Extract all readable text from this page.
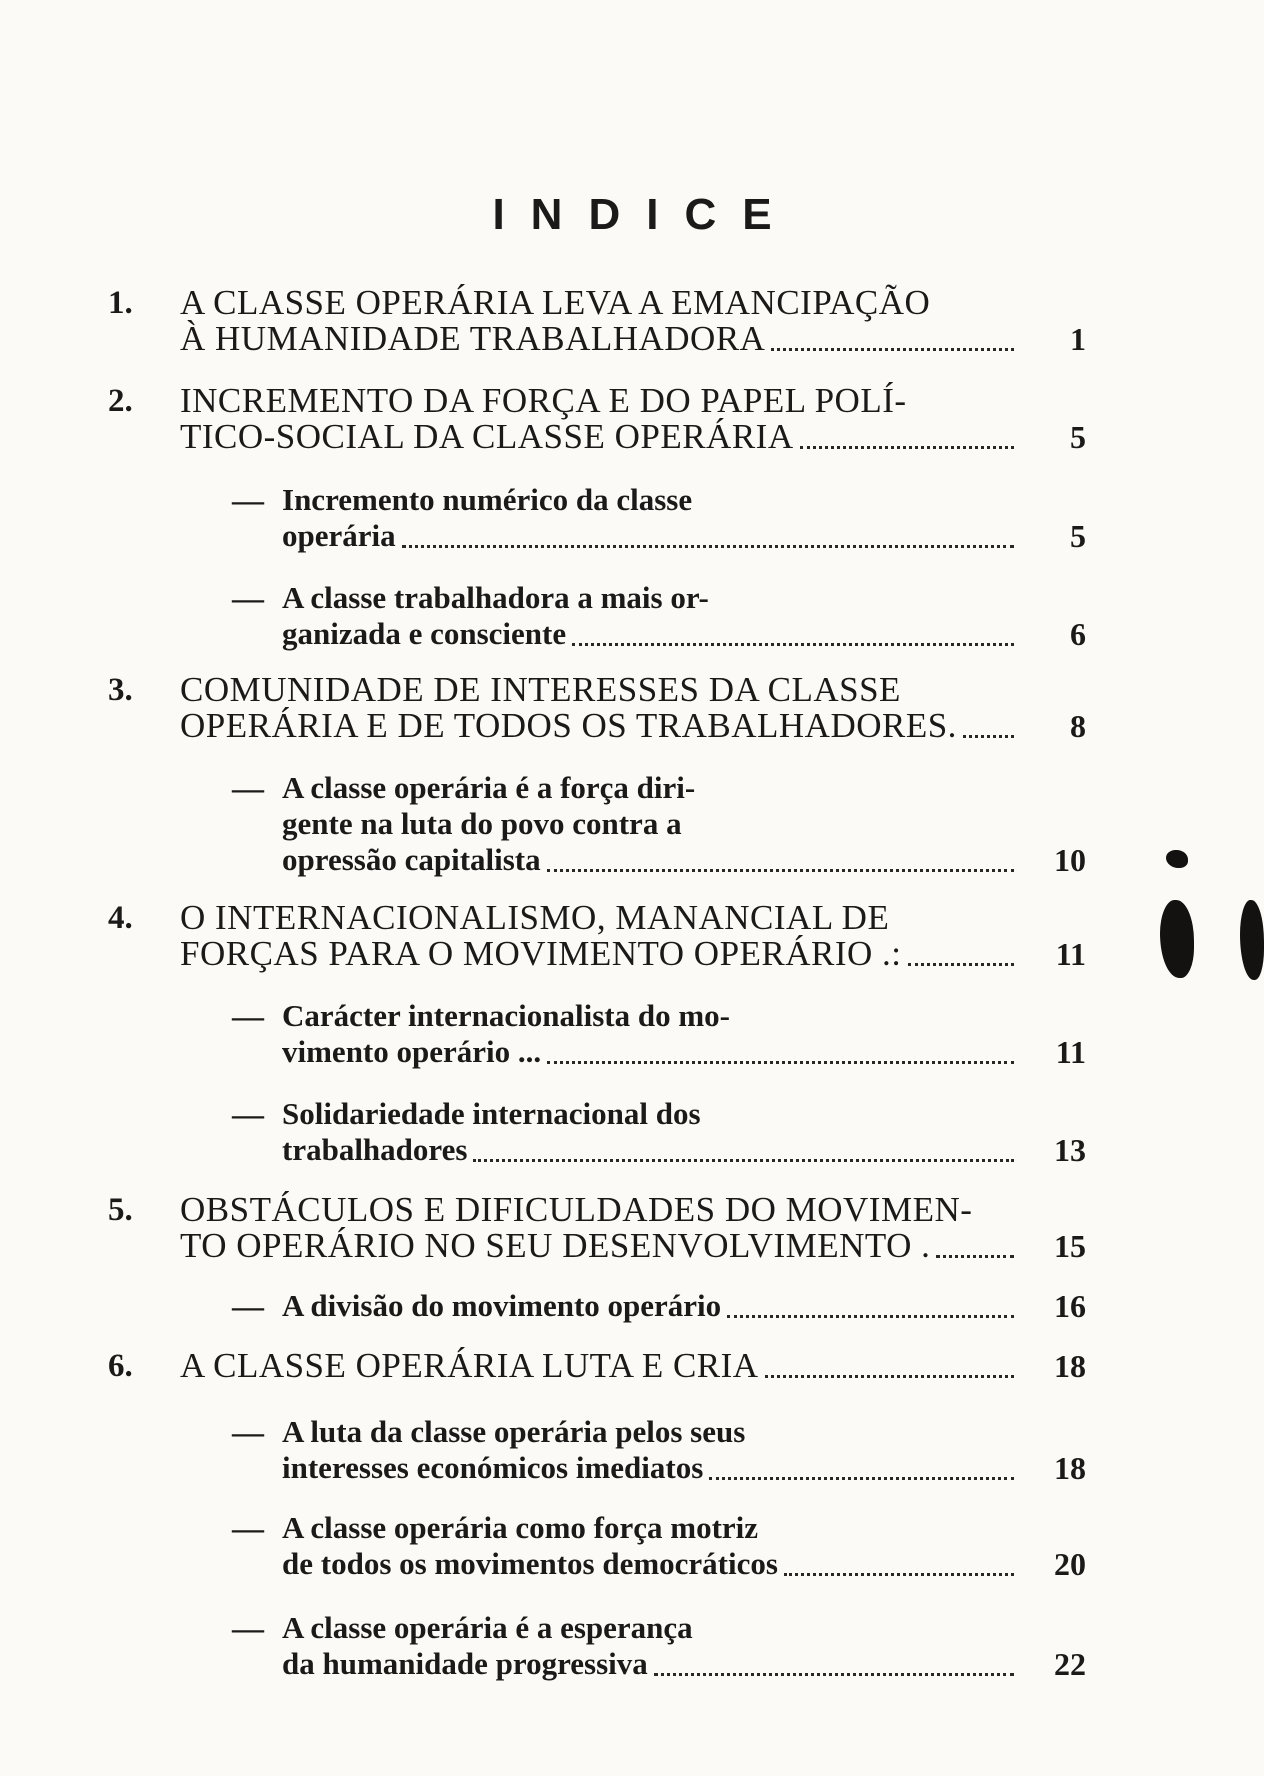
INDICE
1.	A CLASSE OPERÁRIA LEVA A EMANCIPAÇÃO
À HUMANIDADE TRABALHADORA	1
2.	INCREMENTO DA FORÇA E DO PAPEL POLÍ-
TICO-SOCIAL DA CLASSE OPERÁRIA	5
— Incremento numérico da classe
operária	5
— A classe trabalhadora a mais or-
ganizada e consciente	6
3.	COMUNIDADE DE INTERESSES DA CLASSE
OPERÁRIA E DE TODOS OS TRABALHADORES.	8
— A classe operária é a força diri-
gente na luta do povo contra a
opressão capitalista	10
4.	O INTERNACIONALISMO, MANANCIAL DE
FORÇAS PARA O MOVIMENTO OPERÁRIO .:	11
— Carácter internacionalista do mo-
vimento operário ...	11
— Solidariedade internacional dos
trabalhadores	13
5.	OBSTÁCULOS E DIFICULDADES DO MOVIMEN-
TO OPERÁRIO NO SEU DESENVOLVIMENTO .	15
— A divisão do movimento operário	16
6.	A CLASSE OPERÁRIA LUTA E CRIA	18
— A luta da classe operária pelos seus
interesses económicos imediatos	18
— A classe operária como força motriz
de todos os movimentos democráticos	20
— A classe operária é a esperança
da humanidade progressiva	22
